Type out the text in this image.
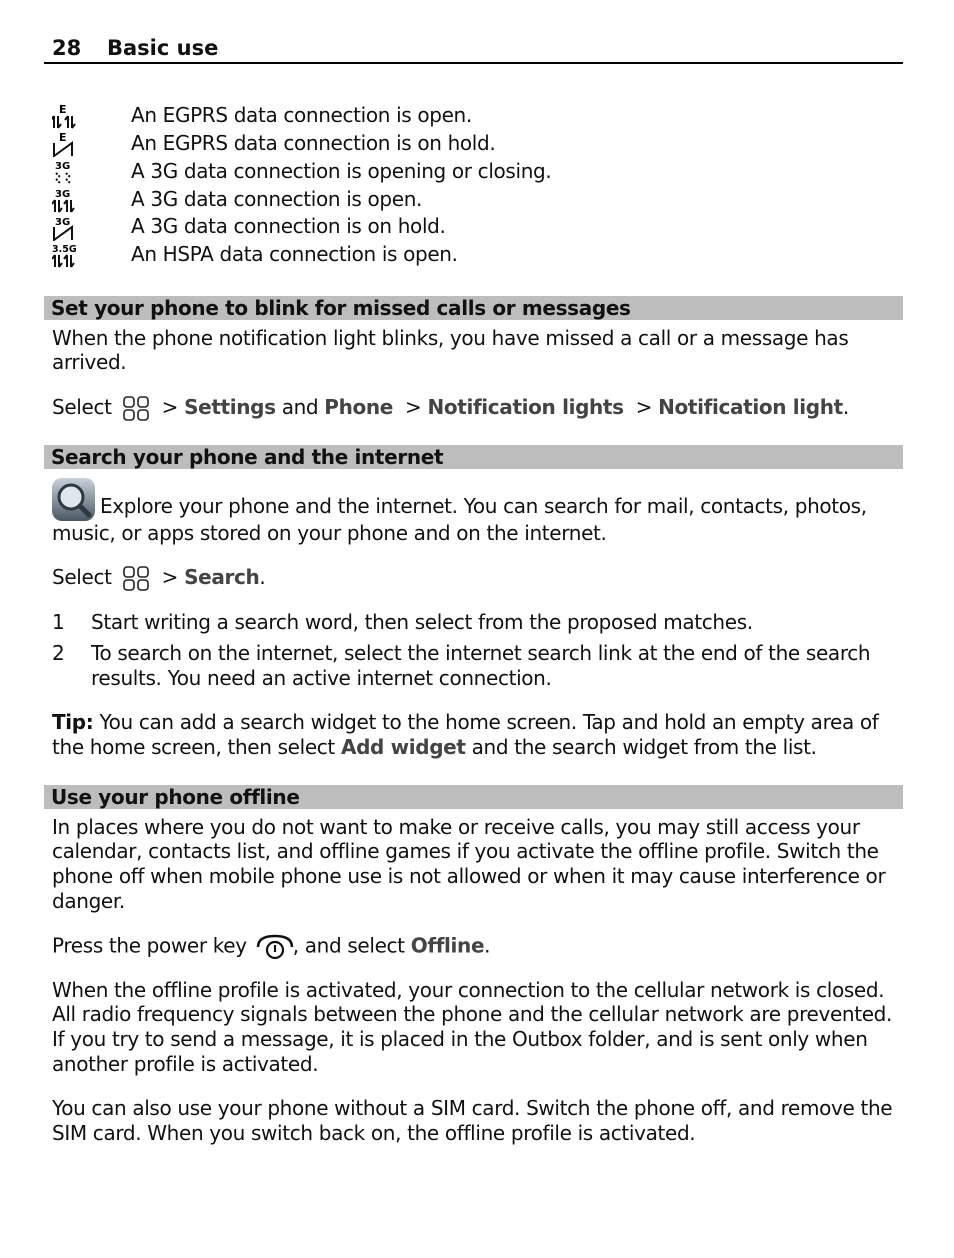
28 Basic use
E	An EGPRS data connection is open.
E	An EGPRS data connection is on hold.
3G	A 3G data connection is opening or closing.
3G	A 3G data connection is open.
3G	A 3G data connection is on hold.
3.5G	An HSPA data connection is open.
Set your phone to blink for missed calls or messages
When the phone notification light blinks, you have missed a call or a message has
arrived.
Select	> Settings and Phone > Notification lights > Notification light.
Search your phone and the internet
Explore your phone and the internet. You can search for mail, contacts, photos,
music, or apps stored on your phone and on the internet.
Select	> Search.
1 Start writing a search word, then select from the proposed matches.
2 To search on the internet, select the internet search link at the end of the search
results. You need an active internet connection.
Tip: You can add a search widget to the home screen. Tap and hold an empty area of
the home screen, then select Add widget and the search widget from the list.
Use your phone offline
In places where you do not want to make or receive calls, you may still access your
calendar, contacts list, and offline games if you activate the offline profile. Switch the
phone off when mobile phone use is not allowed or when it may cause interference or
danger.
Press the power key , and select Offline.
When the offline profile is activated, your connection to the cellular network is closed.
All radio frequency signals between the phone and the cellular network are prevented.
If you try to send a message, it is placed in the Outbox folder, and is sent only when
another profile is activated.
You can also use your phone without a SIM card. Switch the phone off, and remove the
SIM card. When you switch back on, the offline profile is activated.
